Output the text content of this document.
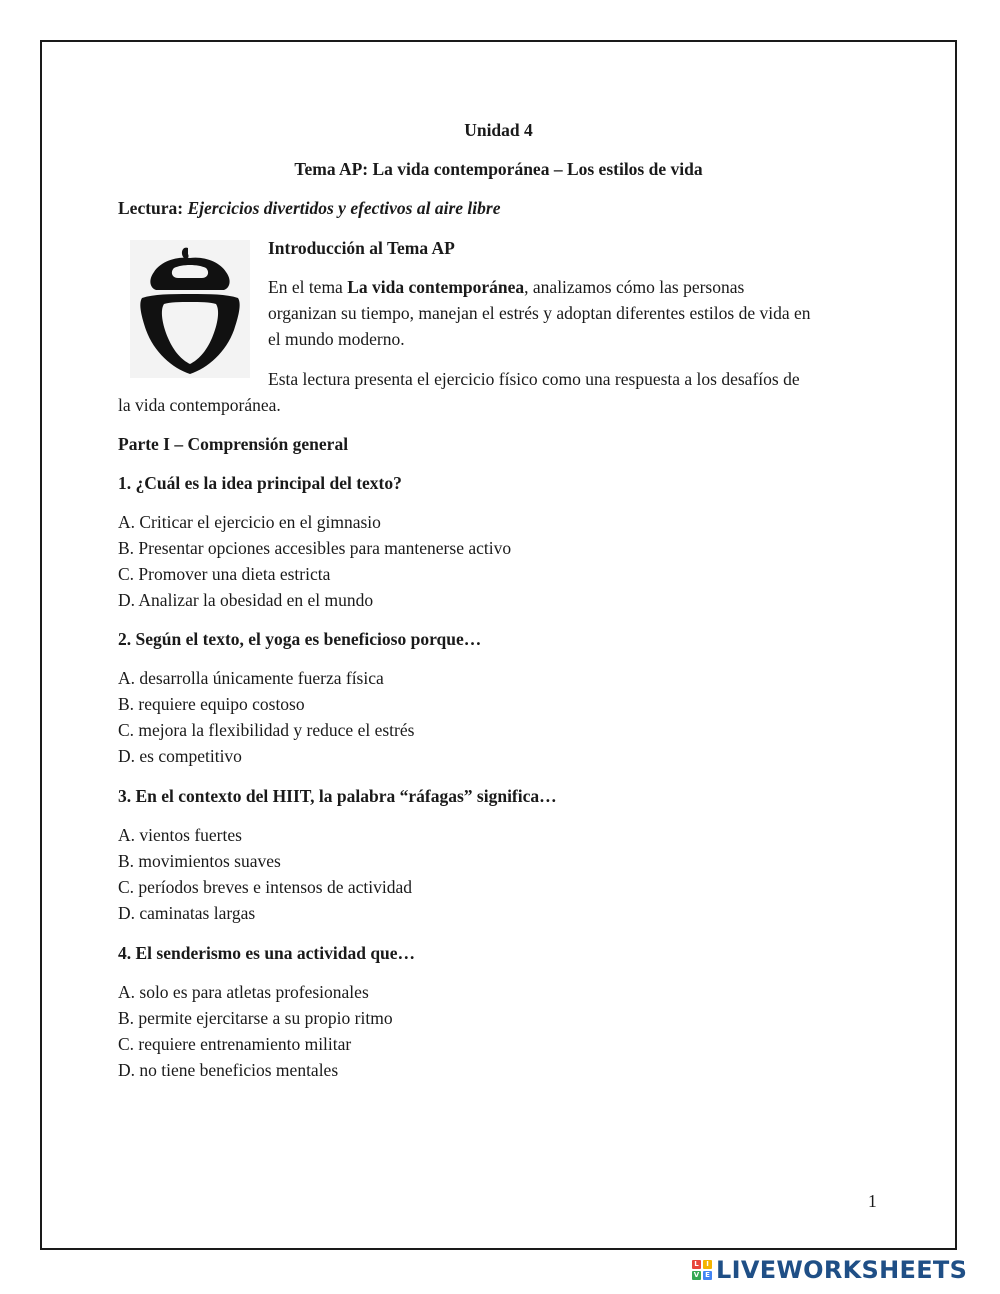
Unidad 4
Tema AP: La vida contemporánea – Los estilos de vida
Lectura: Ejercicios divertidos y efectivos al aire libre
Introducción al Tema AP
En el tema La vida contemporánea, analizamos cómo las personas
organizan su tiempo, manejan el estrés y adoptan diferentes estilos de vida en
el mundo moderno.
Esta lectura presenta el ejercicio físico como una respuesta a los desafíos de
la vida contemporánea.
Parte I – Comprensión general
1. ¿Cuál es la idea principal del texto?
A. Criticar el ejercicio en el gimnasio
B. Presentar opciones accesibles para mantenerse activo
C. Promover una dieta estricta
D. Analizar la obesidad en el mundo
2. Según el texto, el yoga es beneficioso porque…
A. desarrolla únicamente fuerza física
B. requiere equipo costoso
C. mejora la flexibilidad y reduce el estrés
D. es competitivo
3. En el contexto del HIIT, la palabra “ráfagas” significa…
A. vientos fuertes
B. movimientos suaves
C. períodos breves e intensos de actividad
D. caminatas largas
4. El senderismo es una actividad que…
A. solo es para atletas profesionales
B. permite ejercitarse a su propio ritmo
C. requiere entrenamiento militar
D. no tiene beneficios mentales
1
L	I
V E LIVEWORKSHEETS
